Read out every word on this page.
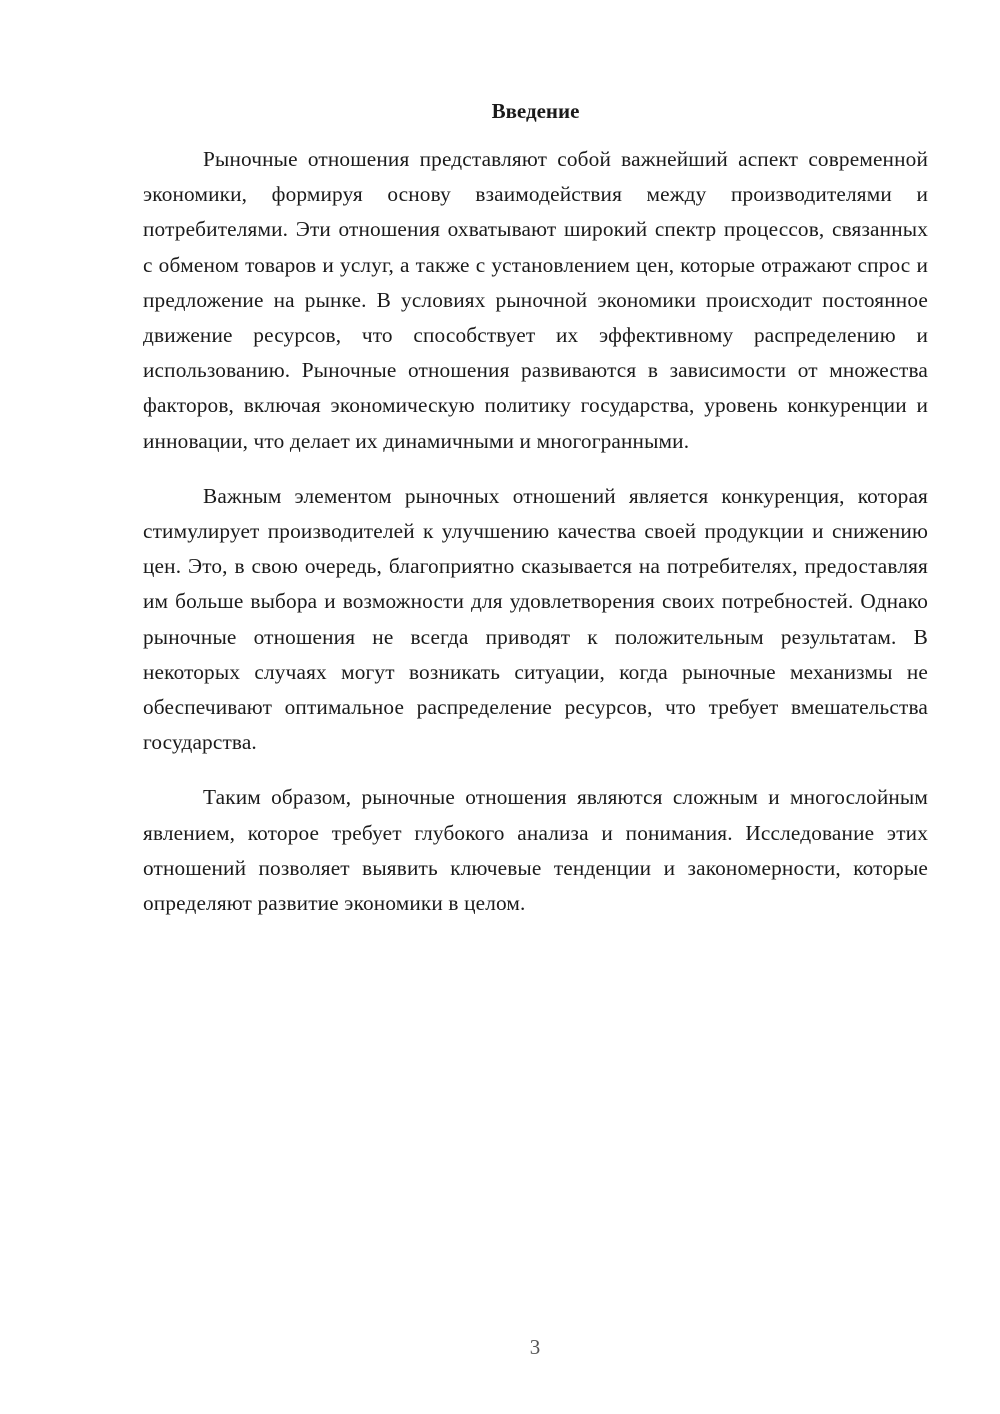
Введение

Рыночные отношения представляют собой важнейший аспект современной экономики, формируя основу взаимодействия между производителями и потребителями. Эти отношения охватывают широкий спектр процессов, связанных с обменом товаров и услуг, а также с установлением цен, которые отражают спрос и предложение на рынке. В условиях рыночной экономики происходит постоянное движение ресурсов, что способствует их эффективному распределению и использованию. Рыночные отношения развиваются в зависимости от множества факторов, включая экономическую политику государства, уровень конкуренции и инновации, что делает их динамичными и многогранными.

Важным элементом рыночных отношений является конкуренция, которая стимулирует производителей к улучшению качества своей продукции и снижению цен. Это, в свою очередь, благоприятно сказывается на потребителях, предоставляя им больше выбора и возможности для удовлетворения своих потребностей. Однако рыночные отношения не всегда приводят к положительным результатам. В некоторых случаях могут возникать ситуации, когда рыночные механизмы не обеспечивают оптимальное распределение ресурсов, что требует вмешательства государства.

Таким образом, рыночные отношения являются сложным и многослойным явлением, которое требует глубокого анализа и понимания. Исследование этих отношений позволяет выявить ключевые тенденции и закономерности, которые определяют развитие экономики в целом.

3
